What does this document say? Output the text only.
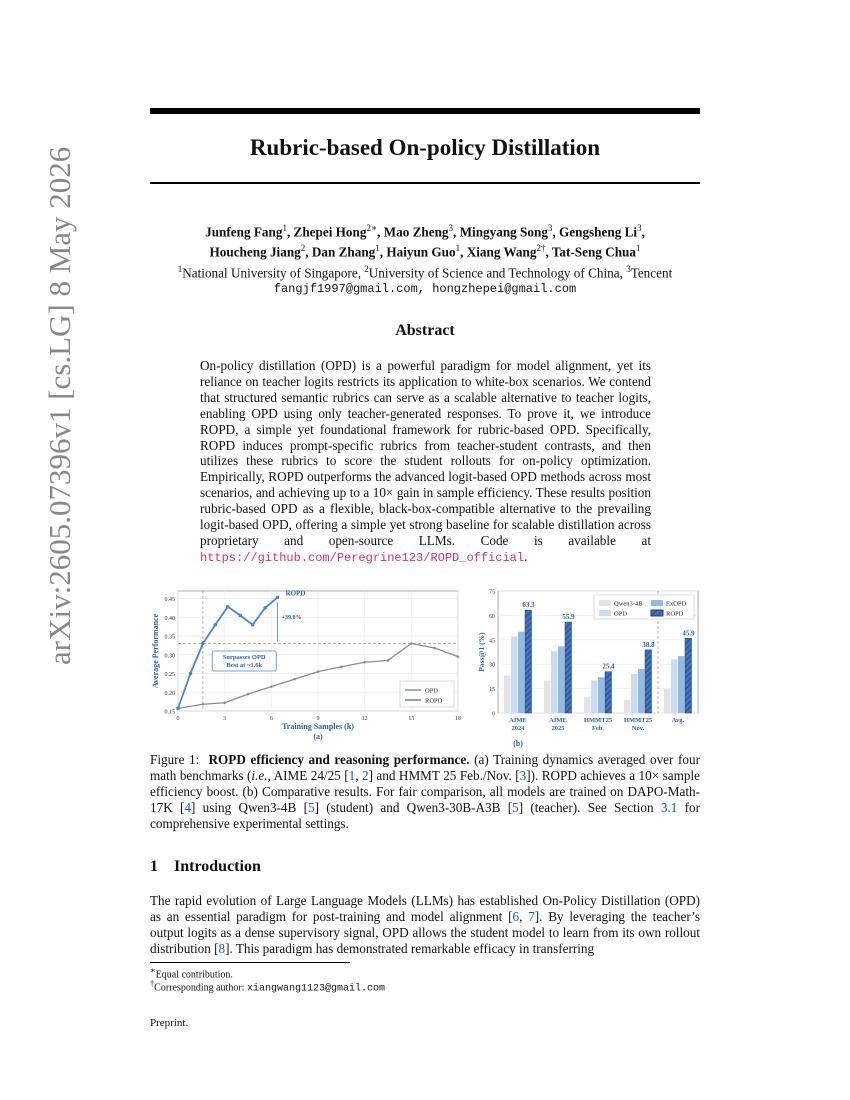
arXiv:2605.07396v1 [cs.LG] 8 May 2026	Rubric-based On-policy Distillation
Junfeng Fang$^1$, Zhepei Hong$^{2∗}$, Mao Zheng$^3$, Mingyang Song$^3$, Gengsheng Li$^3$,
Houcheng Jiang$^2$, Dan Zhang$^1$, Haiyun Guo$^1$, Xiang Wang$^{2\dagger}$, Tat-Seng Chua$^1$
$^1$National University of Singapore, $^2$University of Science and Technology of China, $^3$Tencent
fangjf1997@gmail.com, hongzhepei@gmail.com
Abstract
On-policy distillation (OPD) is a powerful paradigm for model alignment, yet its reliance on teacher logits restricts its application to white-box scenarios. We contend that structured semantic rubrics can serve as a scalable alternative to teacher logits, enabling OPD using only teacher-generated responses. To prove it, we introduce ROPD, a simple yet foundational framework for rubric-based OPD. Specifically, ROPD induces prompt-specific rubrics from teacher-student contrasts, and then utilizes these rubrics to score the student rollouts for on-policy optimization. Empirically, ROPD outperforms the advanced logit-based OPD methods across most scenarios, and achieving up to a 10× gain in sample efficiency. These results position rubric-based OPD as a flexible, black-box-compatible alternative to the prevailing logit-based OPD, offering a simple yet strong baseline for scalable distillation across proprietary and open-source LLMs. Code is available at https://github.com/Peregrine123/ROPD_official.
0.15
0.20
0.25
0.30
0.35
0.40
0.45
0	3	6	9	12	15	18
Training Samples (k)
(a)
Average Performance
ROPD
+39.0%
Surpasses OPD
Best at ~1.6k
OPD
ROPD
0
15
30
45
60
75
Pass@1 (%)
63.3
AIME
2024
55.9
AIME
2025
25.4
HMMT25
Feb.
38.8
HMMT25
Nov.
45.9
Avg.
(b)
Qwen3-4B	ExOPD
OPD	ROPD
Figure 1: ROPD efficiency and reasoning performance. (a) Training dynamics averaged over four math benchmarks (i.e., AIME 24/25 [1, 2] and HMMT 25 Feb./Nov. [3]). ROPD achieves a 10× sample efficiency boost. (b) Comparative results. For fair comparison, all models are trained on DAPO-Math-17K [4] using Qwen3-4B [5] (student) and Qwen3-30B-A3B [5] (teacher). See Section 3.1 for comprehensive experimental settings.
1 Introduction
The rapid evolution of Large Language Models (LLMs) has established On-Policy Distillation (OPD) as an essential paradigm for post-training and model alignment [6, 7]. By leveraging the teacher’s output logits as a dense supervisory signal, OPD allows the student model to learn from its own rollout distribution [8]. This paradigm has demonstrated remarkable efficacy in transferring
∗Equal contribution.
†Corresponding author: xiangwang1123@gmail.com
Preprint.
